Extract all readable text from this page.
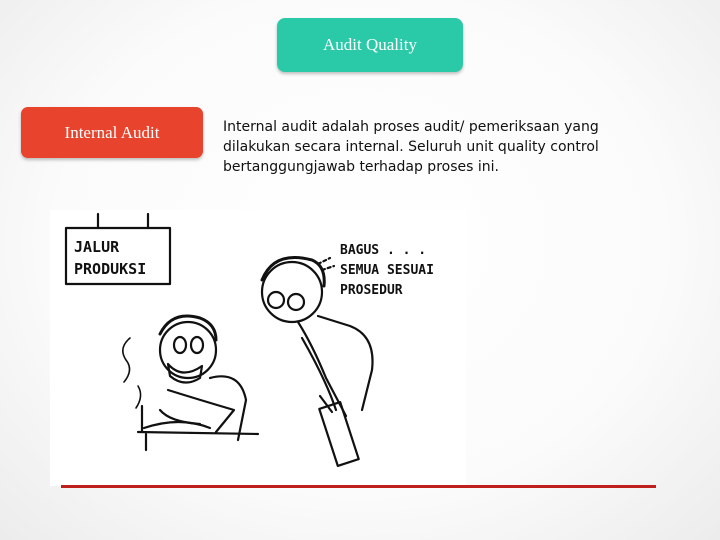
Audit Quality
Internal Audit	Internal audit adalah proses audit/ pemeriksaan yang dilakukan secara internal. Seluruh unit quality control bertanggungjawab terhadap proses ini.
JALUR
PRODUKSI
BAGUS . . .
SEMUA SESUAI
PROSEDUR
